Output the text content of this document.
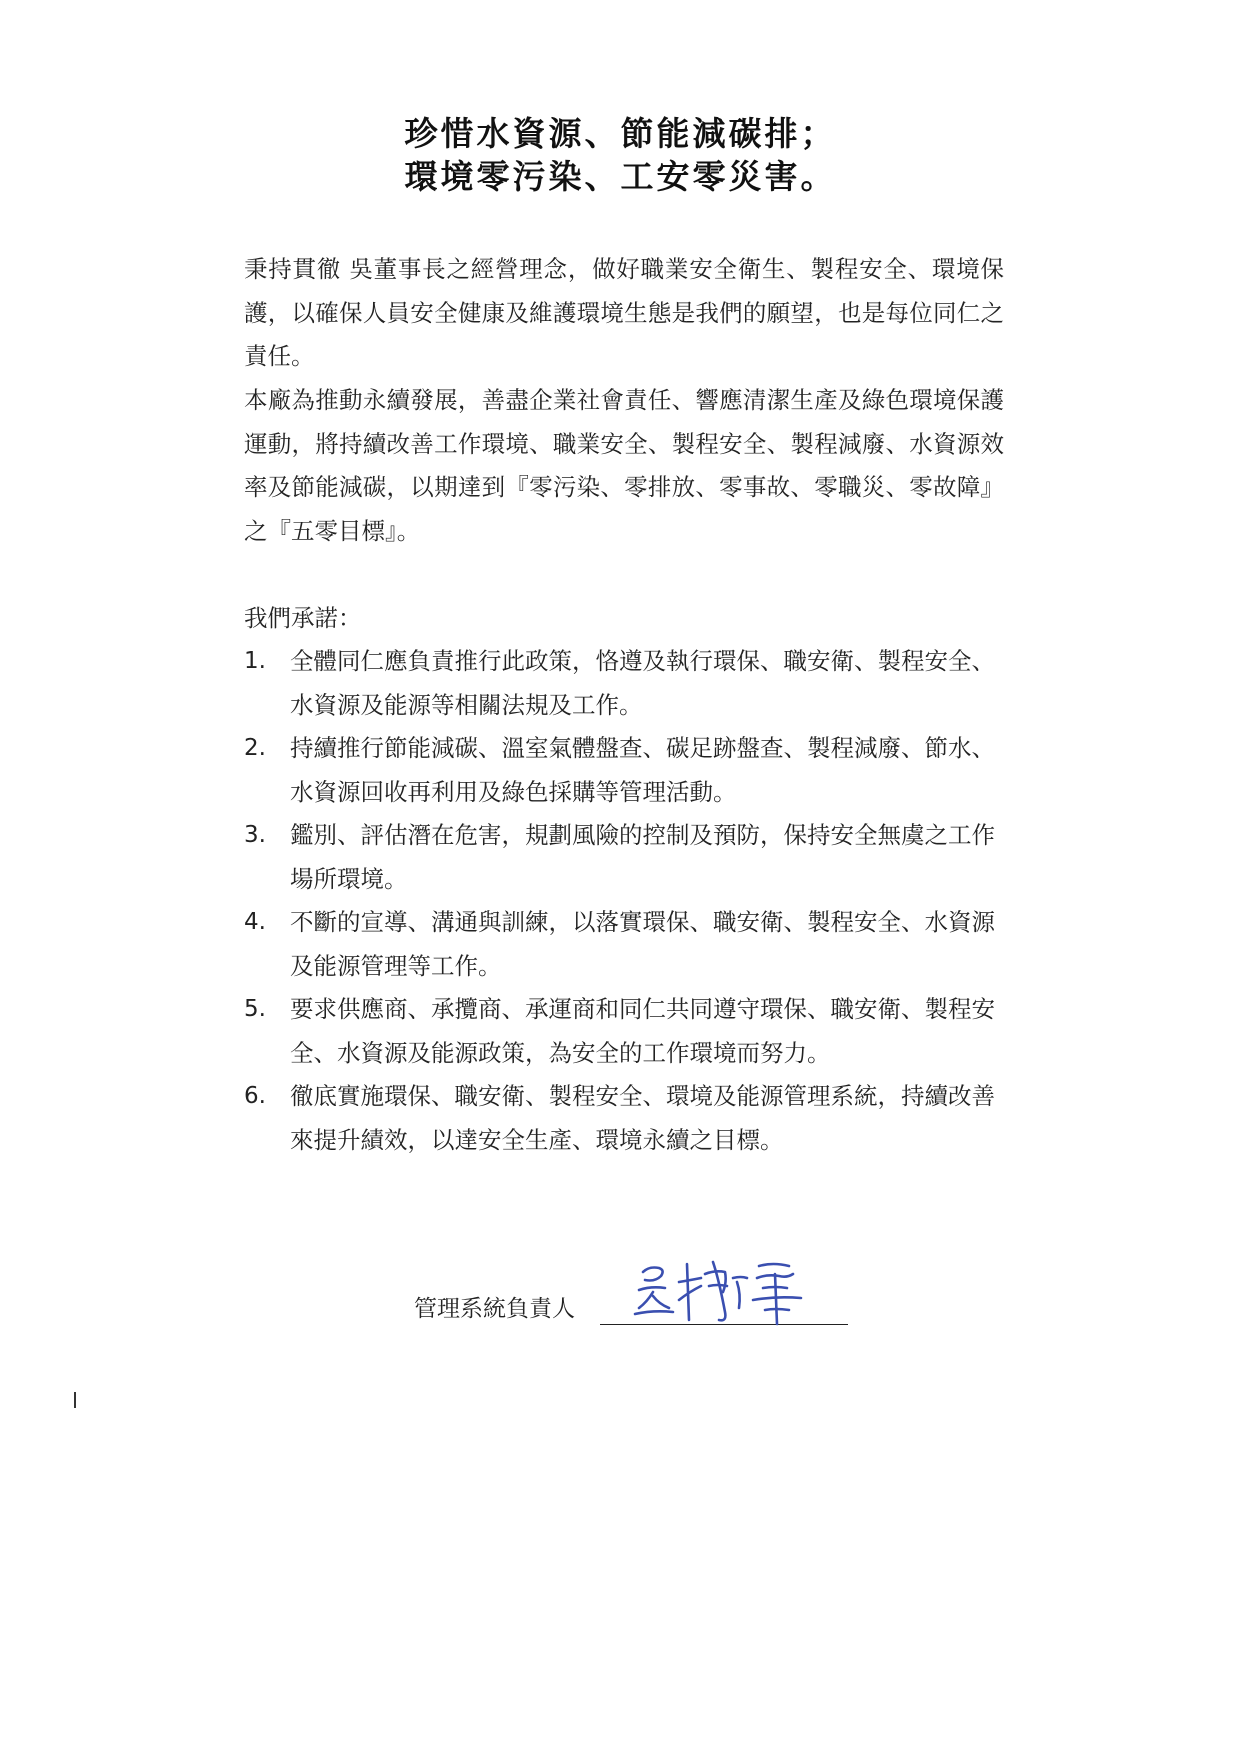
珍惜水資源、節能減碳排；
環境零污染、工安零災害。

秉持貫徹 吳董事長之經營理念，做好職業安全衛生、製程安全、環境保護，以確保人員安全健康及維護環境生態是我們的願望，也是每位同仁之責任。

本廠為推動永續發展，善盡企業社會責任、響應清潔生產及綠色環境保護運動，將持續改善工作環境、職業安全、製程安全、製程減廢、水資源效率及節能減碳，以期達到『零污染、零排放、零事故、零職災、零故障』之『五零目標』。

我們承諾：

1.	全體同仁應負責推行此政策，恪遵及執行環保、職安衛、製程安全、水資源及能源等相關法規及工作。
2.	持續推行節能減碳、溫室氣體盤查、碳足跡盤查、製程減廢、節水、水資源回收再利用及綠色採購等管理活動。
3.	鑑別、評估潛在危害，規劃風險的控制及預防，保持安全無虞之工作場所環境。
4.	不斷的宣導、溝通與訓練，以落實環保、職安衛、製程安全、水資源及能源管理等工作。
5.	要求供應商、承攬商、承運商和同仁共同遵守環保、職安衛、製程安全、水資源及能源政策，為安全的工作環境而努力。
6.	徹底實施環保、職安衛、製程安全、環境及能源管理系統，持續改善來提升績效，以達安全生產、環境永續之目標。
管理系統負責人
